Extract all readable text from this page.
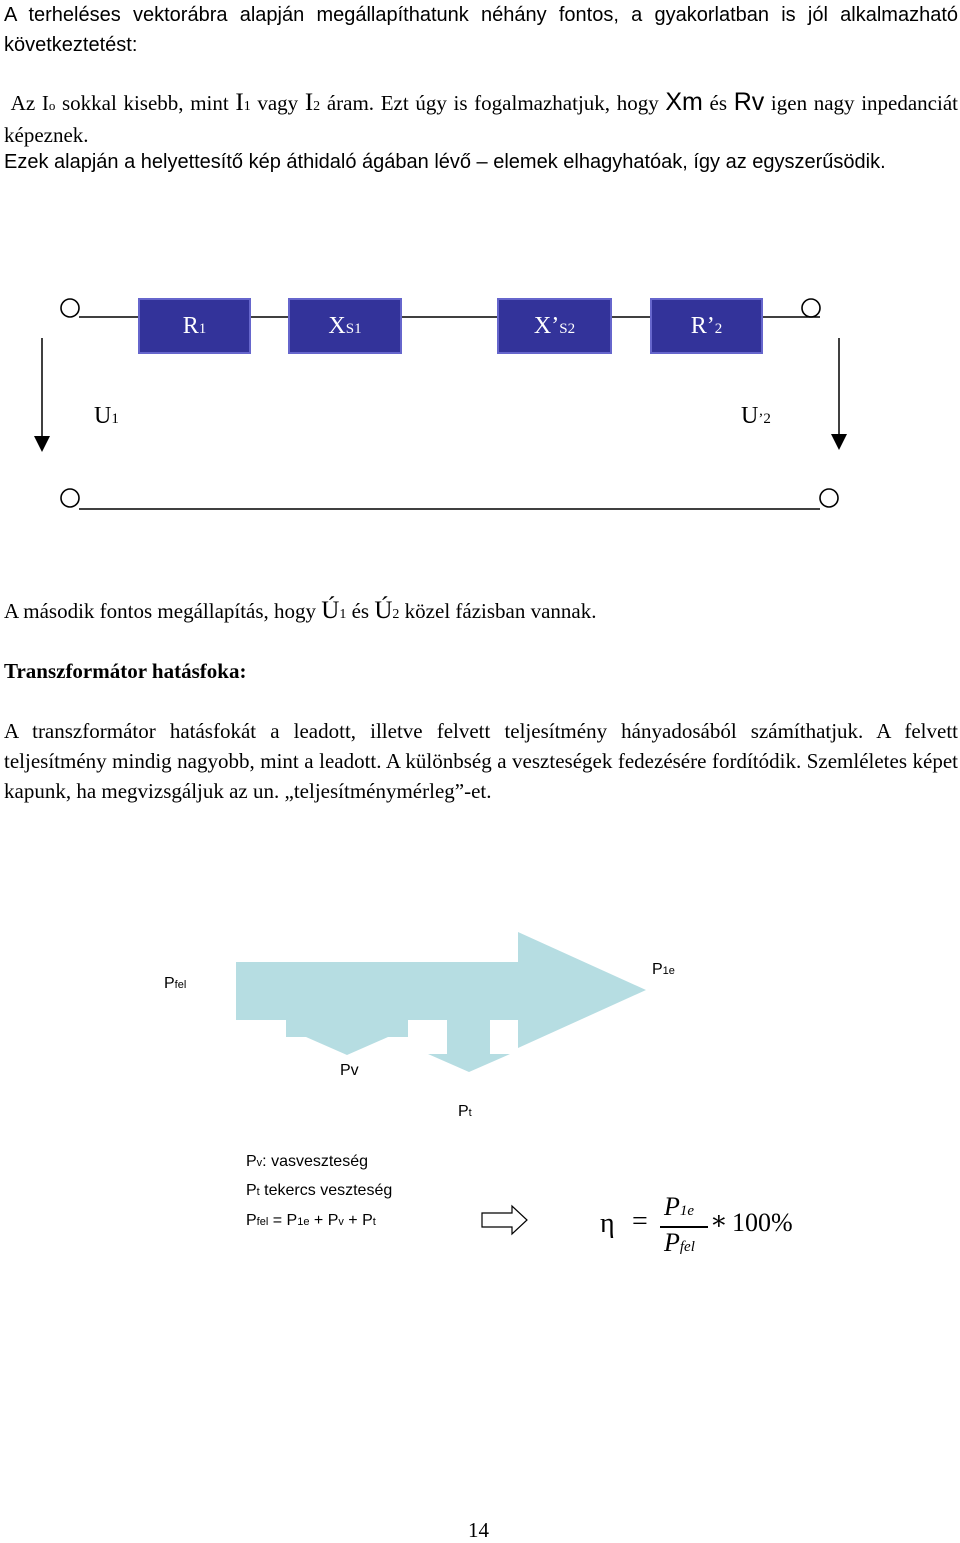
A terheléses vektorábra alapján megállapíthatunk néhány fontos, a gyakorlatban is jól alkalmazható következtetést:

Az Io sokkal kisebb, mint I1 vagy I2 áram. Ezt úgy is fogalmazhatjuk, hogy Xm és Rv igen nagy inpedanciát képeznek.

Ezek alapján a helyettesítő kép áthidaló ágában lévő – elemek elhagyhatóak, így az egyszerűsödik.

R1	XS1	X’S2	R’2
U1	U’2

A második fontos megállapítás, hogy Ú1 és Ú2 közel fázisban vannak.

Transzformátor hatásfoka:

A transzformátor hatásfokát a leadott, illetve felvett teljesítmény hányadosából számíthatjuk. A felvett teljesítmény mindig nagyobb, mint a leadott. A különbség a veszteségek fedezésére fordítódik. Szemléletes képet kapunk, ha megvizsgáljuk az un. „teljesítménymérleg”-et.

Pfel
P1e
Pv
Pt
Pv: vasveszteség
Pt tekercs veszteség
Pfel = P1e + Pv + Pt	η = P1e
Pfel
∗ 100%
14
